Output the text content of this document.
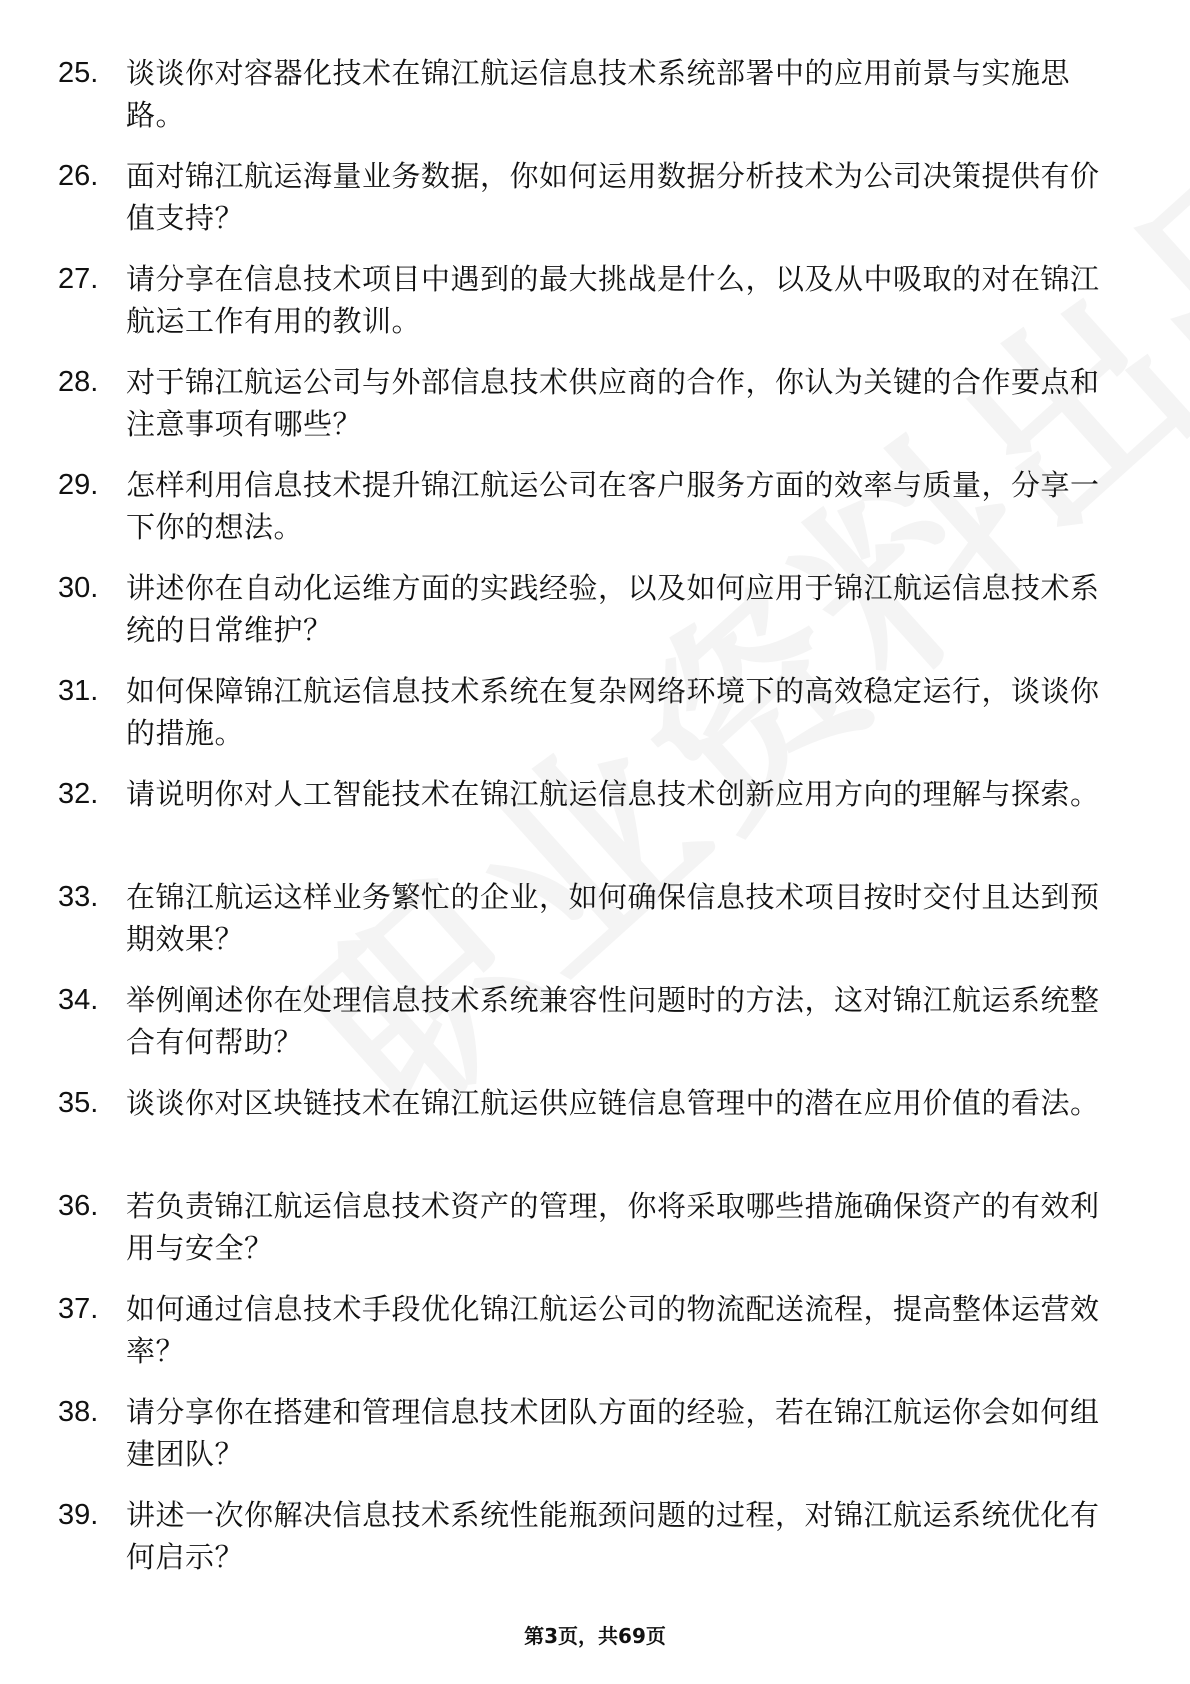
25. 谈谈你对容器化技术在锦江航运信息技术系统部署中的应用前景与实施思路。
26. 面对锦江航运海量业务数据，你如何运用数据分析技术为公司决策提供有价值支持？
27. 请分享在信息技术项目中遇到的最大挑战是什么，以及从中吸取的对在锦江航运工作有用的教训。
28. 对于锦江航运公司与外部信息技术供应商的合作，你认为关键的合作要点和注意事项有哪些？
29. 怎样利用信息技术提升锦江航运公司在客户服务方面的效率与质量，分享一下你的想法。
30. 讲述你在自动化运维方面的实践经验，以及如何应用于锦江航运信息技术系统的日常维护？
31. 如何保障锦江航运信息技术系统在复杂网络环境下的高效稳定运行，谈谈你的措施。
32. 请说明你对人工智能技术在锦江航运信息技术创新应用方向的理解与探索。
33. 在锦江航运这样业务繁忙的企业，如何确保信息技术项目按时交付且达到预期效果？
34. 举例阐述你在处理信息技术系统兼容性问题时的方法，这对锦江航运系统整合有何帮助？
35. 谈谈你对区块链技术在锦江航运供应链信息管理中的潜在应用价值的看法。
36. 若负责锦江航运信息技术资产的管理，你将采取哪些措施确保资产的有效利用与安全？
37. 如何通过信息技术手段优化锦江航运公司的物流配送流程，提高整体运营效率？
38. 请分享你在搭建和管理信息技术团队方面的经验，若在锦江航运你会如何组建团队？
39. 讲述一次你解决信息技术系统性能瓶颈问题的过程，对锦江航运系统优化有何启示？
第3页，共69页
